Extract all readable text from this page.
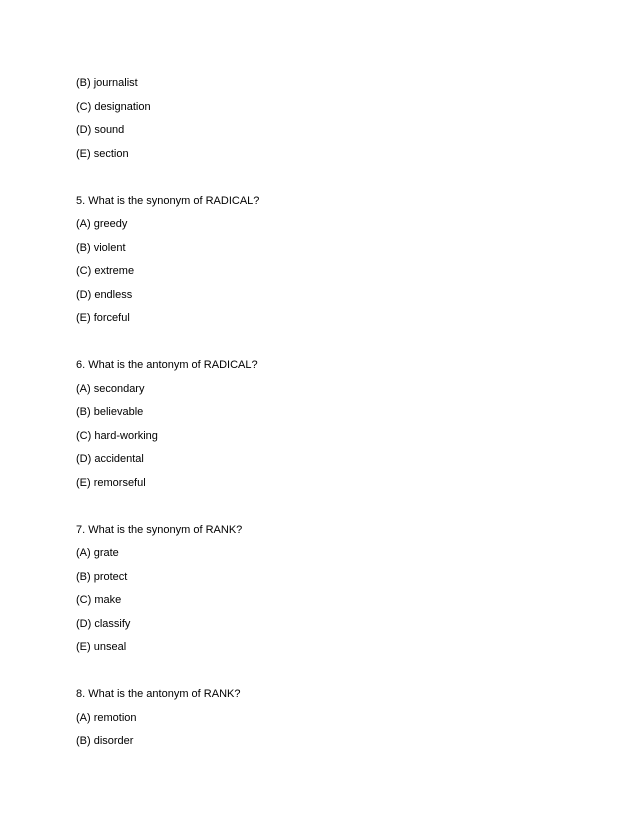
(B) journalist
(C) designation
(D) sound
(E) section
5. What is the synonym of RADICAL?
(A) greedy
(B) violent
(C) extreme
(D) endless
(E) forceful
6. What is the antonym of RADICAL?
(A) secondary
(B) believable
(C) hard-working
(D) accidental
(E) remorseful
7. What is the synonym of RANK?
(A) grate
(B) protect
(C) make
(D) classify
(E) unseal
8. What is the antonym of RANK?
(A) remotion
(B) disorder
